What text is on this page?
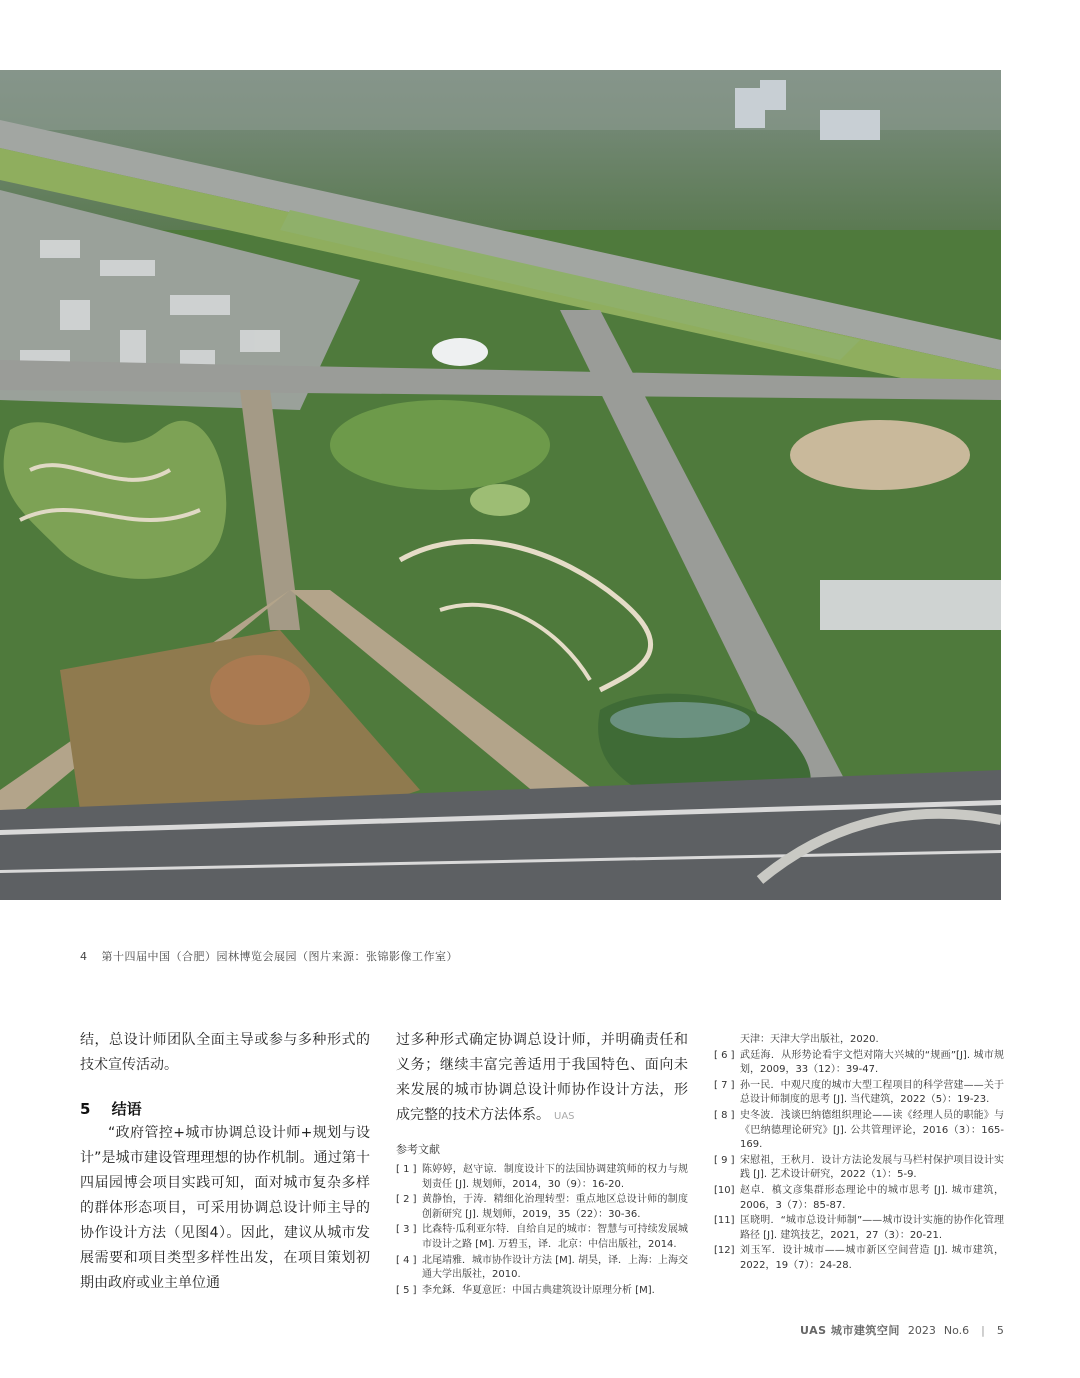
4 第十四届中国（合肥）园林博览会展园（图片来源：张锦影像工作室）

结，总设计师团队全面主导或参与多种形式的技术宣传活动。

5 结语

“政府管控+城市协调总设计师+规划与设计”是城市建设管理理想的协作机制。通过第十四届园博会项目实践可知，面对城市复杂多样的群体形态项目，可采用协调总设计师主导的协作设计方法（见图4）。因此，建议从城市发展需要和项目类型多样性出发，在项目策划初期由政府或业主单位通

过多种形式确定协调总设计师，并明确责任和义务；继续丰富完善适用于我国特色、面向未来发展的城市协调总设计师协作设计方法，形成完整的技术方法体系。 UAS

参考文献
[ 1 ] 陈婷婷，赵守谅．制度设计下的法国协调建筑师的权力与规划责任 [J]. 规划师，2014，30（9）：16-20.
[ 2 ] 黄静怡，于涛．精细化治理转型：重点地区总设计师的制度创新研究 [J]. 规划师，2019，35（22）：30-36.
[ 3 ] 比森特·瓜利亚尔特．自给自足的城市：智慧与可持续发展城市设计之路 [M]. 万碧玉，译．北京：中信出版社，2014.
[ 4 ] 北尾靖雅．城市协作设计方法 [M]. 胡昊，译．上海：上海交通大学出版社，2010.
[ 5 ] 李允鉌．华夏意匠：中国古典建筑设计原理分析 [M].
天津：天津大学出版社，2020.
[ 6 ] 武廷海．从形势论看宇文恺对隋大兴城的“规画”[J]. 城市规划，2009，33（12）：39-47.
[ 7 ] 孙一民．中观尺度的城市大型工程项目的科学营建——关于总设计师制度的思考 [J]. 当代建筑，2022（5）：19-23.
[ 8 ] 史冬波．浅谈巴纳德组织理论——读《经理人员的职能》与《巴纳德理论研究》[J]. 公共管理评论，2016（3）：165-169.
[ 9 ] 宋慰祖，王秋月．设计方法论发展与马栏村保护项目设计实践 [J]. 艺术设计研究，2022（1）：5-9.
[10] 赵卓．槙文彦集群形态理论中的城市思考 [J]. 城市建筑，2006，3（7）：85-87.
[11] 匡晓明．“城市总设计师制”——城市设计实施的协作化管理路径 [J]. 建筑技艺，2021，27（3）：20-21.
[12] 刘玉军．设计城市——城市新区空间营造 [J]. 城市建筑，2022，19（7）：24-28.
UAS 城市建筑空间 2023 No.6 | 5
